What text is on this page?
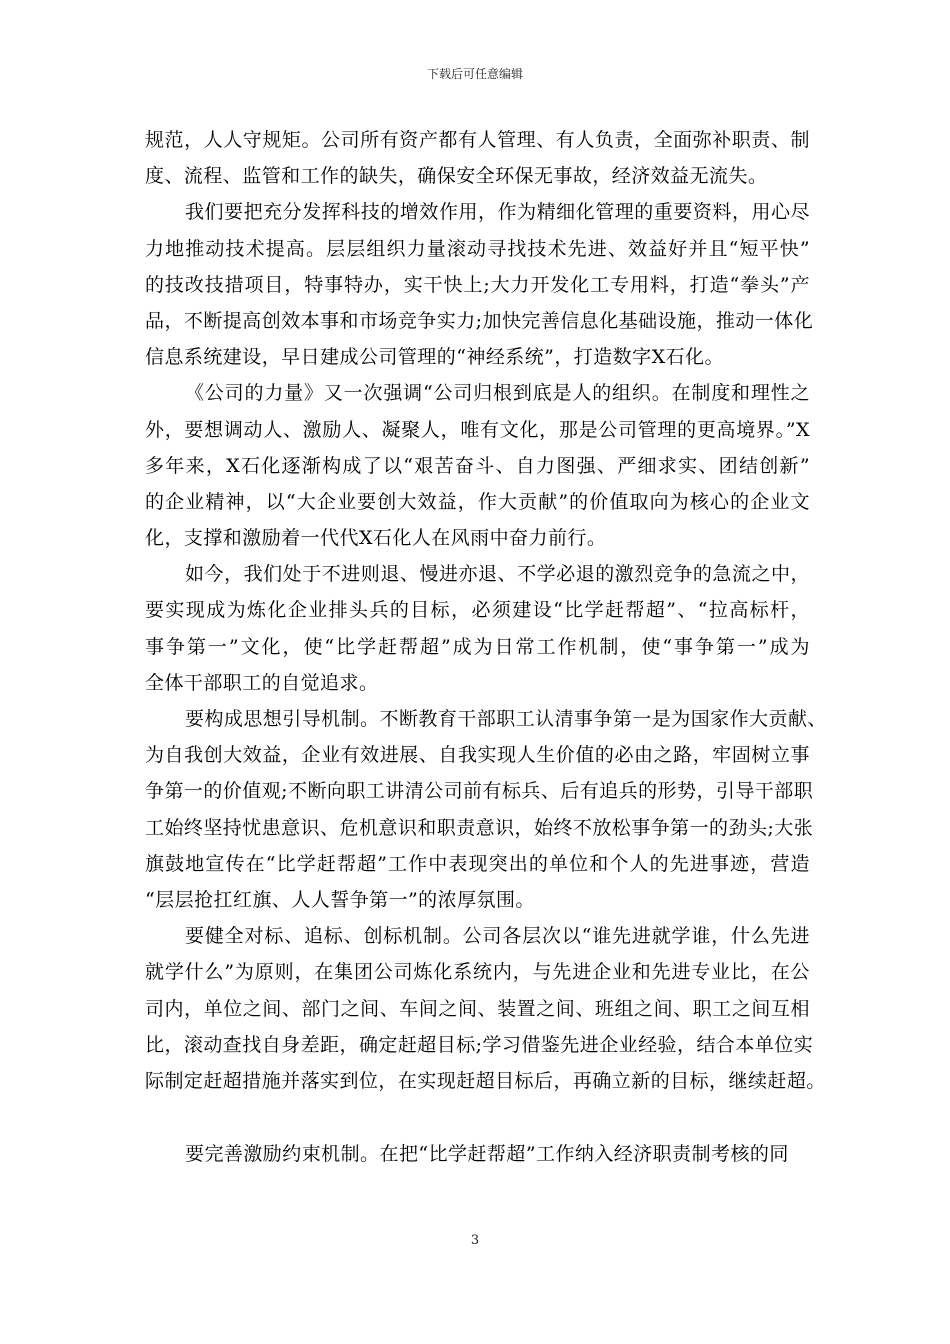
下载后可任意编辑
规范，人人守规矩。公司所有资产都有人管理、有人负责，全面弥补职责、制
度、流程、监管和工作的缺失，确保安全环保无事故，经济效益无流失。
我们要把充分发挥科技的增效作用，作为精细化管理的重要资料，用心尽
力地推动技术提高。层层组织力量滚动寻找技术先进、效益好并且“短平快”
的技改技措项目，特事特办，实干快上;大力开发化工专用料，打造“拳头”产
品，不断提高创效本事和市场竞争实力;加快完善信息化基础设施，推动一体化
信息系统建设，早日建成公司管理的“神经系统”，打造数字X石化。
《公司的力量》又一次强调“公司归根到底是人的组织。在制度和理性之
外，要想调动人、激励人、凝聚人，唯有文化，那是公司管理的更高境界。”X
多年来，X石化逐渐构成了以“艰苦奋斗、自力图强、严细求实、团结创新”
的企业精神，以“大企业要创大效益，作大贡献”的价值取向为核心的企业文
化，支撑和激励着一代代X石化人在风雨中奋力前行。
如今，我们处于不进则退、慢进亦退、不学必退的激烈竞争的急流之中，
要实现成为炼化企业排头兵的目标，必须建设“比学赶帮超”、“拉高标杆，
事争第一”文化，使“比学赶帮超”成为日常工作机制，使“事争第一”成为
全体干部职工的自觉追求。
要构成思想引导机制。不断教育干部职工认清事争第一是为国家作大贡献、
为自我创大效益，企业有效进展、自我实现人生价值的必由之路，牢固树立事
争第一的价值观;不断向职工讲清公司前有标兵、后有追兵的形势，引导干部职
工始终坚持忧患意识、危机意识和职责意识，始终不放松事争第一的劲头;大张
旗鼓地宣传在“比学赶帮超”工作中表现突出的单位和个人的先进事迹，营造
“层层抢扛红旗、人人誓争第一”的浓厚氛围。
要健全对标、追标、创标机制。公司各层次以“谁先进就学谁，什么先进
就学什么”为原则，在集团公司炼化系统内，与先进企业和先进专业比，在公
司内，单位之间、部门之间、车间之间、装置之间、班组之间、职工之间互相
比，滚动查找自身差距，确定赶超目标;学习借鉴先进企业经验，结合本单位实
际制定赶超措施并落实到位，在实现赶超目标后，再确立新的目标，继续赶超。
要完善激励约束机制。在把“比学赶帮超”工作纳入经济职责制考核的同
3
